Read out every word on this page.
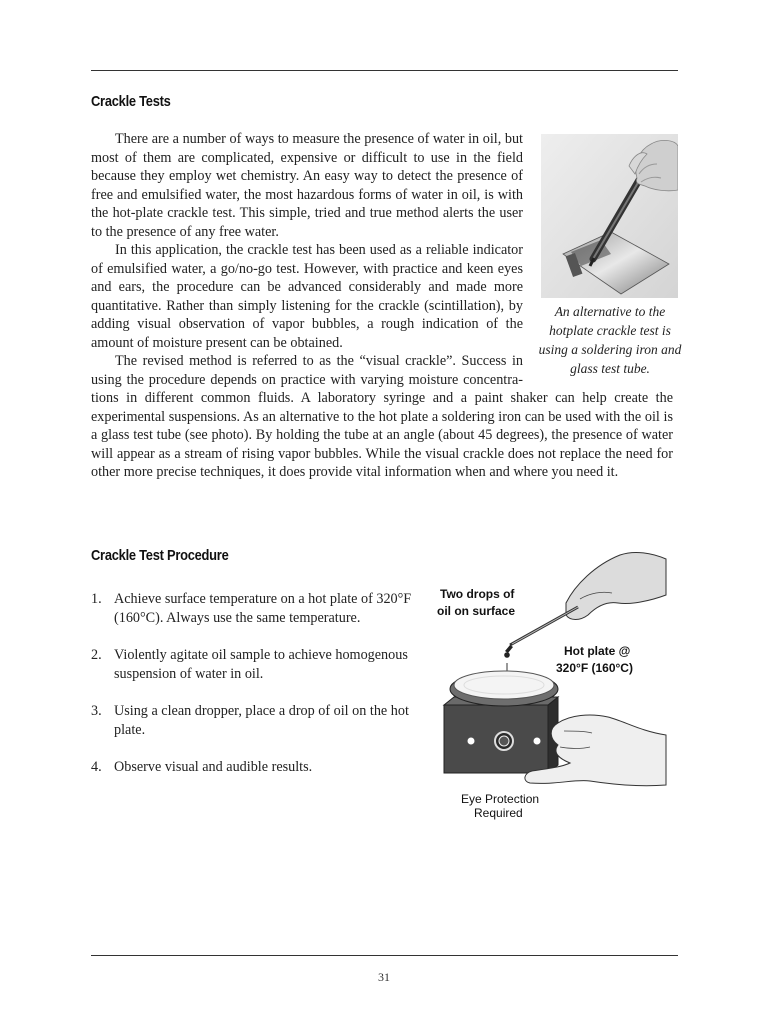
Crackle Tests

There are a number of ways to measure the presence of water in oil, but most of them are complicated, expensive or difficult to use in the field because they employ wet chemistry. An easy way to detect the presence of free and emulsified water, the most hazardous forms of water in oil, is with the hot-plate crackle test. This simple, tried and true method alerts the user to the presence of any free water.

In this application, the crackle test has been used as a reliable indicator of emulsified water, a go/no-go test. However, with practice and keen eyes and ears, the procedure can be advanced considerably and made more quantitative. Rather than simply listening for the crackle (scintillation), by adding visual observation of vapor bubbles, a rough indication of the amount of moisture present can be obtained.

The revised method is referred to as the “visual crackle”. Success in using the procedure depends on practice with varying moisture concentra-tions in different common fluids. A laboratory syringe and a paint shaker can help create the experimental suspensions. As an alternative to the hot plate a soldering iron can be used with the oil is a glass test tube (see photo). By holding the tube at an angle (about 45 degrees), the presence of water will appear as a stream of rising vapor bubbles. While the visual crackle does not replace the need for other more precise techniques, it does provide vital information when and where you need it.

An alternative to the hotplate crackle test is using a soldering iron and glass test tube.
Crackle Test Procedure
1. Achieve surface temperature on a hot plate of 320°F (160°C). Always use the same temperature.
2. Violently agitate oil sample to achieve homogenous suspension of water in oil.
3. Using a clean dropper, place a drop of oil on the hot plate.
4. Observe visual and audible results.
Two drops of
oil on surface
Hot plate @
320°F (160°C)
Eye Protection
Required
31
